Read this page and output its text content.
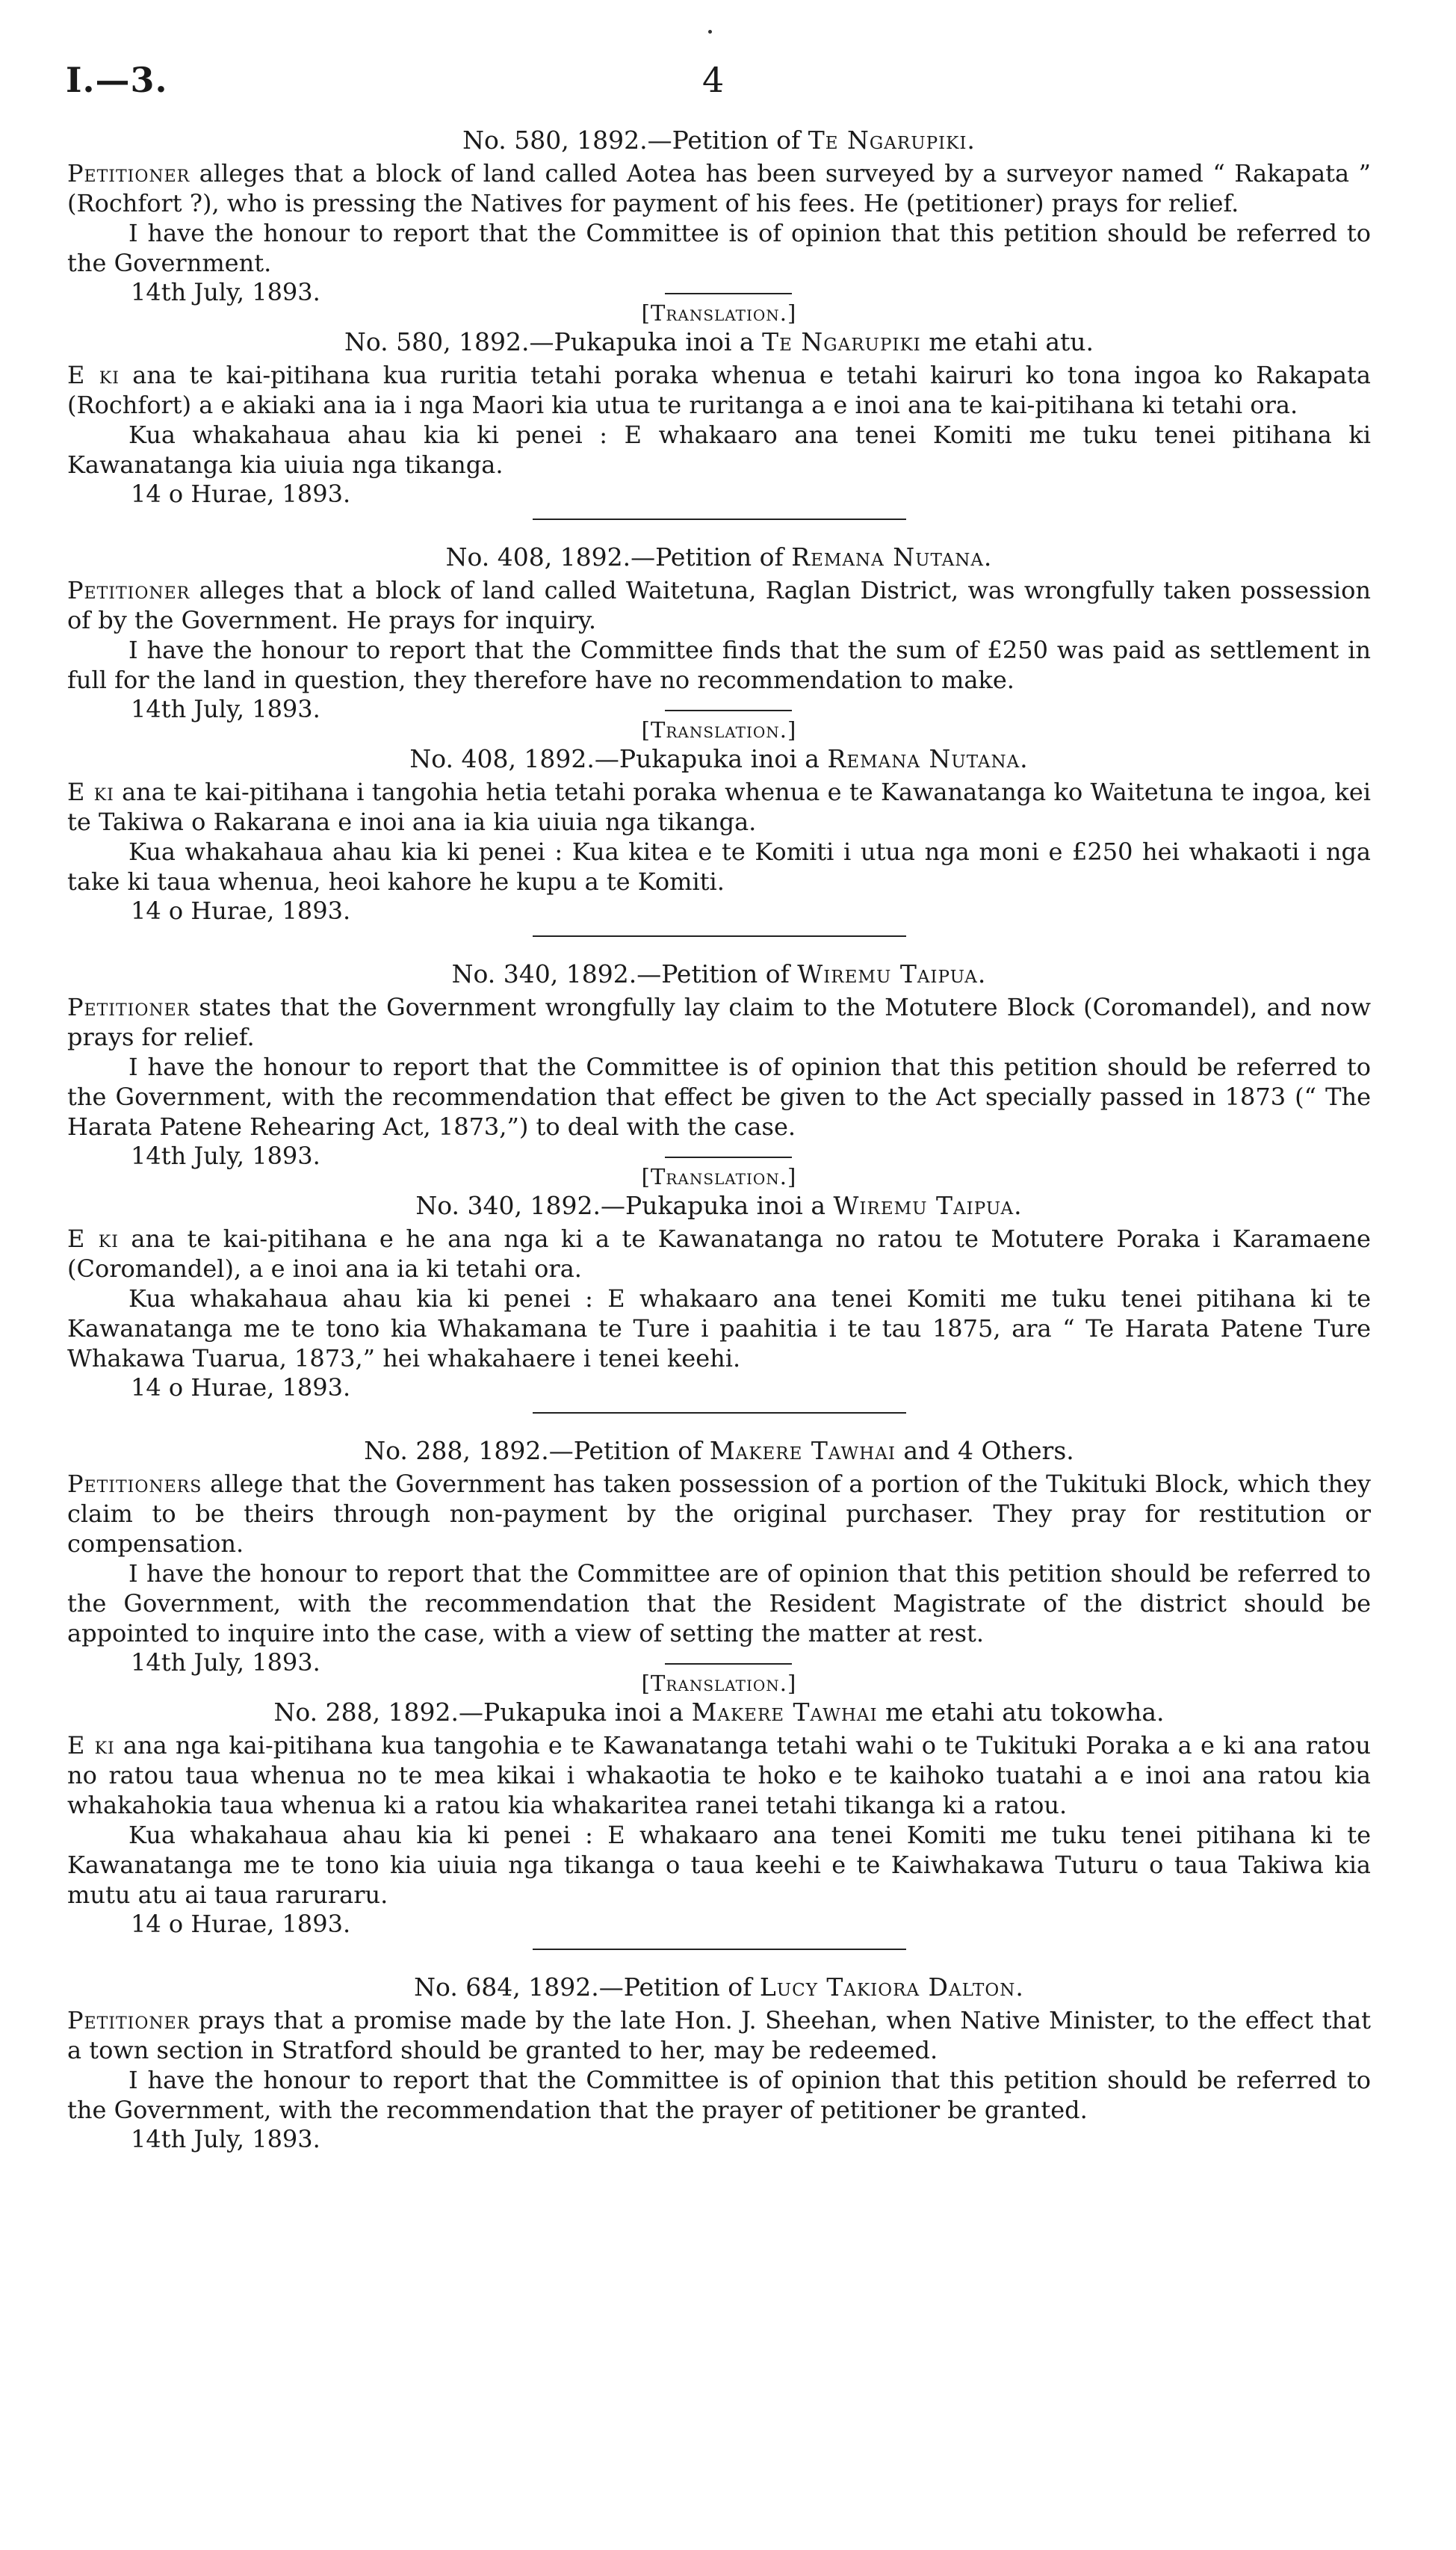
I.—3.	4

No. 580, 1892.—Petition of Te Ngarupiki.

Petitioner alleges that a block of land called Aotea has been surveyed by a surveyor named “ Rakapata ” (Rochfort ?), who is pressing the Natives for payment of his fees. He (petitioner) prays for relief.

I have the honour to report that the Committee is of opinion that this petition should be referred to the Government.

14th July, 1893.

[Translation.]

No. 580, 1892.—Pukapuka inoi a Te Ngarupiki me etahi atu.

E ki ana te kai-pitihana kua ruritia tetahi poraka whenua e tetahi kairuri ko tona ingoa ko Rakapata (Rochfort) a e akiaki ana ia i nga Maori kia utua te ruritanga a e inoi ana te kai-pitihana ki tetahi ora.

Kua whakahaua ahau kia ki penei : E whakaaro ana tenei Komiti me tuku tenei pitihana ki Kawanatanga kia uiuia nga tikanga.

14 o Hurae, 1893.

No. 408, 1892.—Petition of Remana Nutana.

Petitioner alleges that a block of land called Waitetuna, Raglan District, was wrongfully taken possession of by the Government. He prays for inquiry.

I have the honour to report that the Committee finds that the sum of £250 was paid as settlement in full for the land in question, they therefore have no recommendation to make.

14th July, 1893.

[Translation.]

No. 408, 1892.—Pukapuka inoi a Remana Nutana.

E ki ana te kai-pitihana i tangohia hetia tetahi poraka whenua e te Kawanatanga ko Waitetuna te ingoa, kei te Takiwa o Rakarana e inoi ana ia kia uiuia nga tikanga.

Kua whakahaua ahau kia ki penei : Kua kitea e te Komiti i utua nga moni e £250 hei whakaoti i nga take ki taua whenua, heoi kahore he kupu a te Komiti.

14 o Hurae, 1893.

No. 340, 1892.—Petition of Wiremu Taipua.

Petitioner states that the Government wrongfully lay claim to the Motutere Block (Coromandel), and now prays for relief.

I have the honour to report that the Committee is of opinion that this petition should be referred to the Government, with the recommendation that effect be given to the Act specially passed in 1873 (“ The Harata Patene Rehearing Act, 1873,”) to deal with the case.

14th July, 1893.

[Translation.]

No. 340, 1892.—Pukapuka inoi a Wiremu Taipua.

E ki ana te kai-pitihana e he ana nga ki a te Kawanatanga no ratou te Motutere Poraka i Karamaene (Coromandel), a e inoi ana ia ki tetahi ora.

Kua whakahaua ahau kia ki penei : E whakaaro ana tenei Komiti me tuku tenei pitihana ki te Kawanatanga me te tono kia Whakamana te Ture i paahitia i te tau 1875, ara “ Te Harata Patene Ture Whakawa Tuarua, 1873,” hei whakahaere i tenei keehi.

14 o Hurae, 1893.

No. 288, 1892.—Petition of Makere Tawhai and 4 Others.

Petitioners allege that the Government has taken possession of a portion of the Tukituki Block, which they claim to be theirs through non-payment by the original purchaser. They pray for restitution or compensation.

I have the honour to report that the Committee are of opinion that this petition should be referred to the Government, with the recommendation that the Resident Magistrate of the district should be appointed to inquire into the case, with a view of setting the matter at rest.

14th July, 1893.

[Translation.]

No. 288, 1892.—Pukapuka inoi a Makere Tawhai me etahi atu tokowha.

E ki ana nga kai-pitihana kua tangohia e te Kawanatanga tetahi wahi o te Tukituki Poraka a e ki ana ratou no ratou taua whenua no te mea kikai i whakaotia te hoko e te kaihoko tuatahi a e inoi ana ratou kia whakahokia taua whenua ki a ratou kia whakaritea ranei tetahi tikanga ki a ratou.

Kua whakahaua ahau kia ki penei : E whakaaro ana tenei Komiti me tuku tenei pitihana ki te Kawanatanga me te tono kia uiuia nga tikanga o taua keehi e te Kaiwhakawa Tuturu o taua Takiwa kia mutu atu ai taua raruraru.

14 o Hurae, 1893.

No. 684, 1892.—Petition of Lucy Takiora Dalton.

Petitioner prays that a promise made by the late Hon. J. Sheehan, when Native Minister, to the effect that a town section in Stratford should be granted to her, may be redeemed.

I have the honour to report that the Committee is of opinion that this petition should be referred to the Government, with the recommendation that the prayer of petitioner be granted.

14th July, 1893.
